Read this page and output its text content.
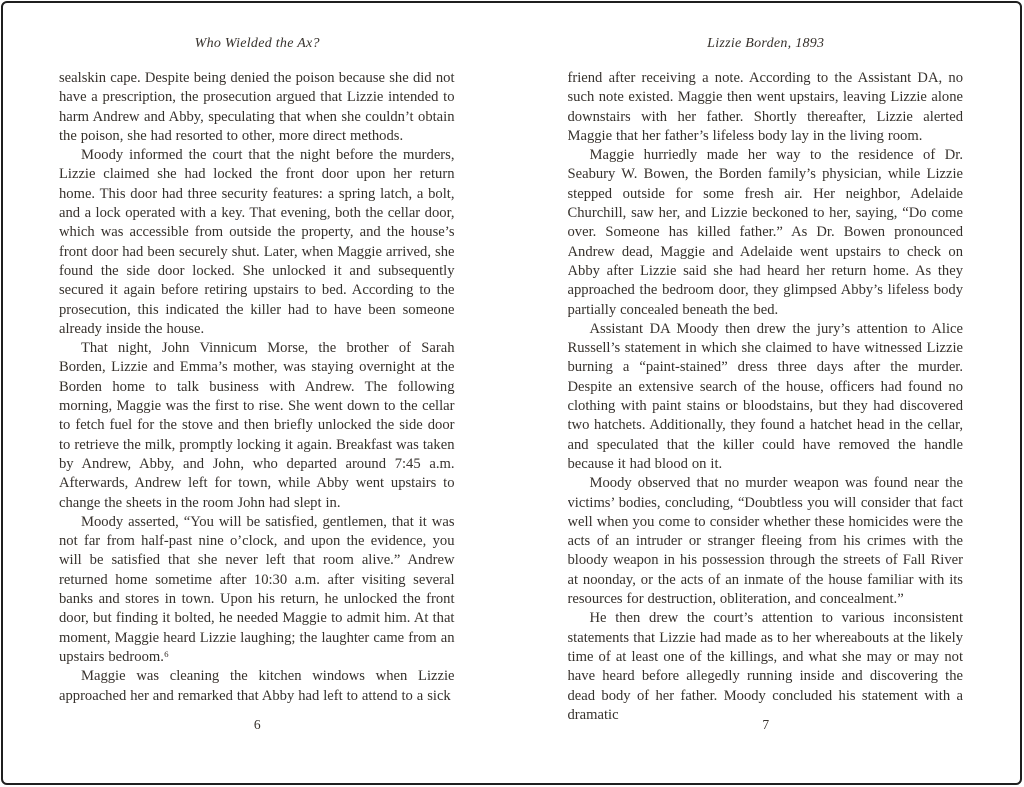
Who Wielded the Ax?

sealskin cape. Despite being denied the poison because she did not have a prescription, the prosecution argued that Lizzie intended to harm Andrew and Abby, speculating that when she couldn’t obtain the poison, she had resorted to other, more direct methods.

Moody informed the court that the night before the murders, Lizzie claimed she had locked the front door upon her return home. This door had three security features: a spring latch, a bolt, and a lock operated with a key. That evening, both the cellar door, which was accessible from outside the property, and the house’s front door had been securely shut. Later, when Maggie arrived, she found the side door locked. She unlocked it and subsequently secured it again before retiring upstairs to bed. According to the prosecution, this indicated the killer had to have been someone already inside the house.

That night, John Vinnicum Morse, the brother of Sarah Borden, Lizzie and Emma’s mother, was staying overnight at the Borden home to talk business with Andrew. The following morning, Maggie was the first to rise. She went down to the cellar to fetch fuel for the stove and then briefly unlocked the side door to retrieve the milk, promptly locking it again. Breakfast was taken by Andrew, Abby, and John, who departed around 7:45 a.m. Afterwards, Andrew left for town, while Abby went upstairs to change the sheets in the room John had slept in.

Moody asserted, “You will be satisfied, gentlemen, that it was not far from half-past nine o’clock, and upon the evidence, you will be satisfied that she never left that room alive.” Andrew returned home sometime after 10:30 a.m. after visiting several banks and stores in town. Upon his return, he unlocked the front door, but finding it bolted, he needed Maggie to admit him. At that moment, Maggie heard Lizzie laughing; the laughter came from an upstairs bedroom.⁶

Maggie was cleaning the kitchen windows when Lizzie approached her and remarked that Abby had left to attend to a sick

6
Lizzie Borden, 1893

friend after receiving a note. According to the Assistant DA, no such note existed. Maggie then went upstairs, leaving Lizzie alone downstairs with her father. Shortly thereafter, Lizzie alerted Maggie that her father’s lifeless body lay in the living room.

Maggie hurriedly made her way to the residence of Dr. Seabury W. Bowen, the Borden family’s physician, while Lizzie stepped outside for some fresh air. Her neighbor, Adelaide Churchill, saw her, and Lizzie beckoned to her, saying, “Do come over. Someone has killed father.” As Dr. Bowen pronounced Andrew dead, Maggie and Adelaide went upstairs to check on Abby after Lizzie said she had heard her return home. As they approached the bedroom door, they glimpsed Abby’s lifeless body partially concealed beneath the bed.

Assistant DA Moody then drew the jury’s attention to Alice Russell’s statement in which she claimed to have witnessed Lizzie burning a “paint-stained” dress three days after the murder. Despite an extensive search of the house, officers had found no clothing with paint stains or bloodstains, but they had discovered two hatchets. Additionally, they found a hatchet head in the cellar, and speculated that the killer could have removed the handle because it had blood on it.

Moody observed that no murder weapon was found near the victims’ bodies, concluding, “Doubtless you will consider that fact well when you come to consider whether these homicides were the acts of an intruder or stranger fleeing from his crimes with the bloody weapon in his possession through the streets of Fall River at noonday, or the acts of an inmate of the house familiar with its resources for destruction, obliteration, and concealment.”

He then drew the court’s attention to various inconsistent statements that Lizzie had made as to her whereabouts at the likely time of at least one of the killings, and what she may or may not have heard before allegedly running inside and discovering the dead body of her father. Moody concluded his statement with a dramatic

7
